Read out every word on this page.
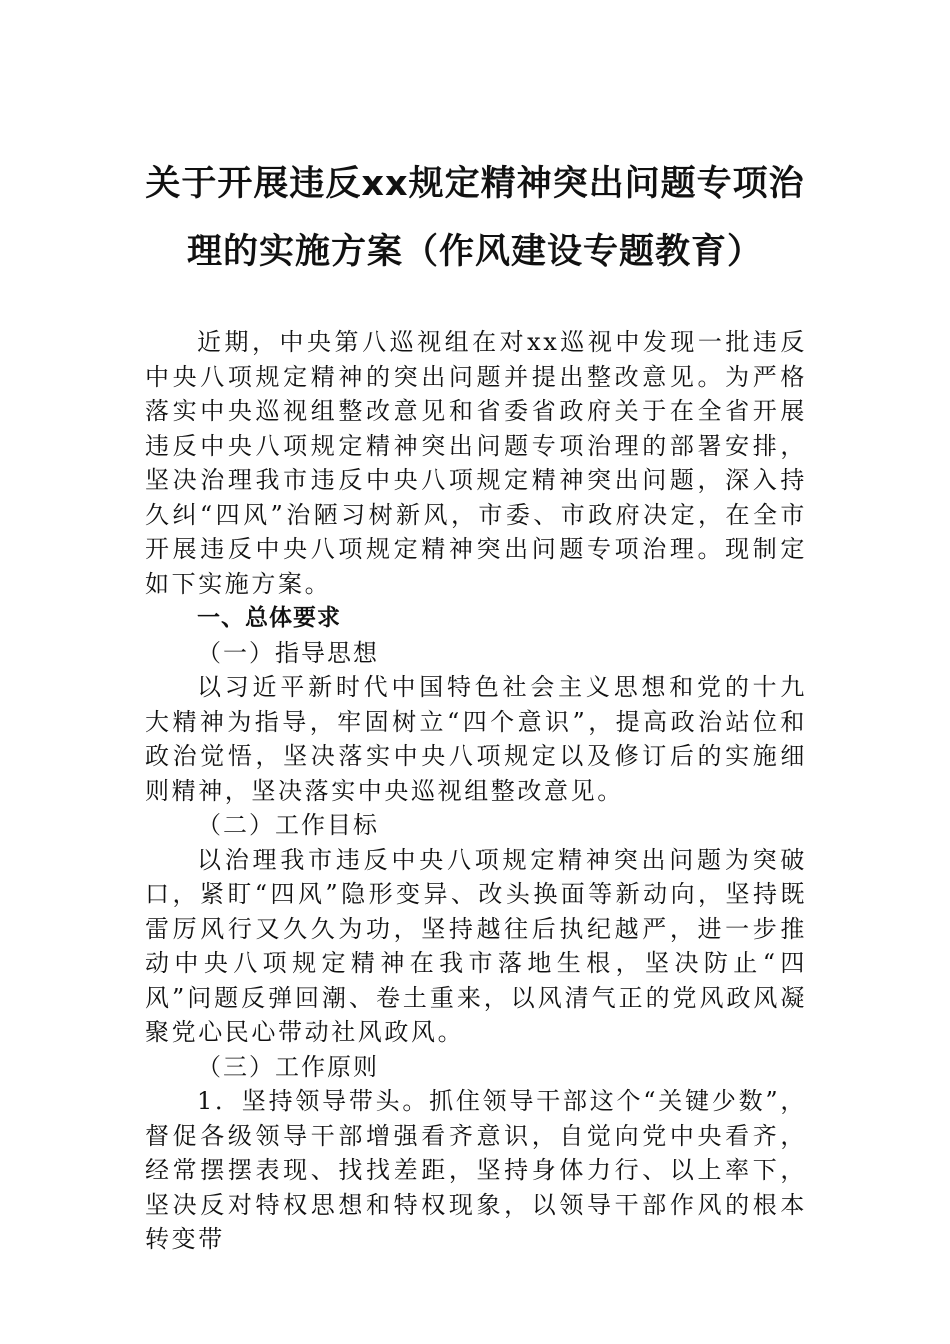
关于开展违反xx规定精神突出问题专项治
理的实施方案（作风建设专题教育）

近期，中央第八巡视组在对xx巡视中发现一批违反中央八项规定精神的突出问题并提出整改意见。为严格落实中央巡视组整改意见和省委省政府关于在全省开展违反中央八项规定精神突出问题专项治理的部署安排，坚决治理我市违反中央八项规定精神突出问题，深入持久纠“四风”治陋习树新风，市委、市政府决定，在全市开展违反中央八项规定精神突出问题专项治理。现制定如下实施方案。

一、总体要求

（一）指导思想

以习近平新时代中国特色社会主义思想和党的十九大精神为指导，牢固树立“四个意识”，提高政治站位和政治觉悟，坚决落实中央八项规定以及修订后的实施细则精神，坚决落实中央巡视组整改意见。

（二）工作目标

以治理我市违反中央八项规定精神突出问题为突破口，紧盯“四风”隐形变异、改头换面等新动向，坚持既雷厉风行又久久为功，坚持越往后执纪越严，进一步推动中央八项规定精神在我市落地生根，坚决防止“四风”问题反弹回潮、卷土重来，以风清气正的党风政风凝聚党心民心带动社风政风。

（三）工作原则

1．坚持领导带头。抓住领导干部这个“关键少数”，督促各级领导干部增强看齐意识，自觉向党中央看齐，经常摆摆表现、找找差距，坚持身体力行、以上率下，坚决反对特权思想和特权现象，以领导干部作风的根本转变带
